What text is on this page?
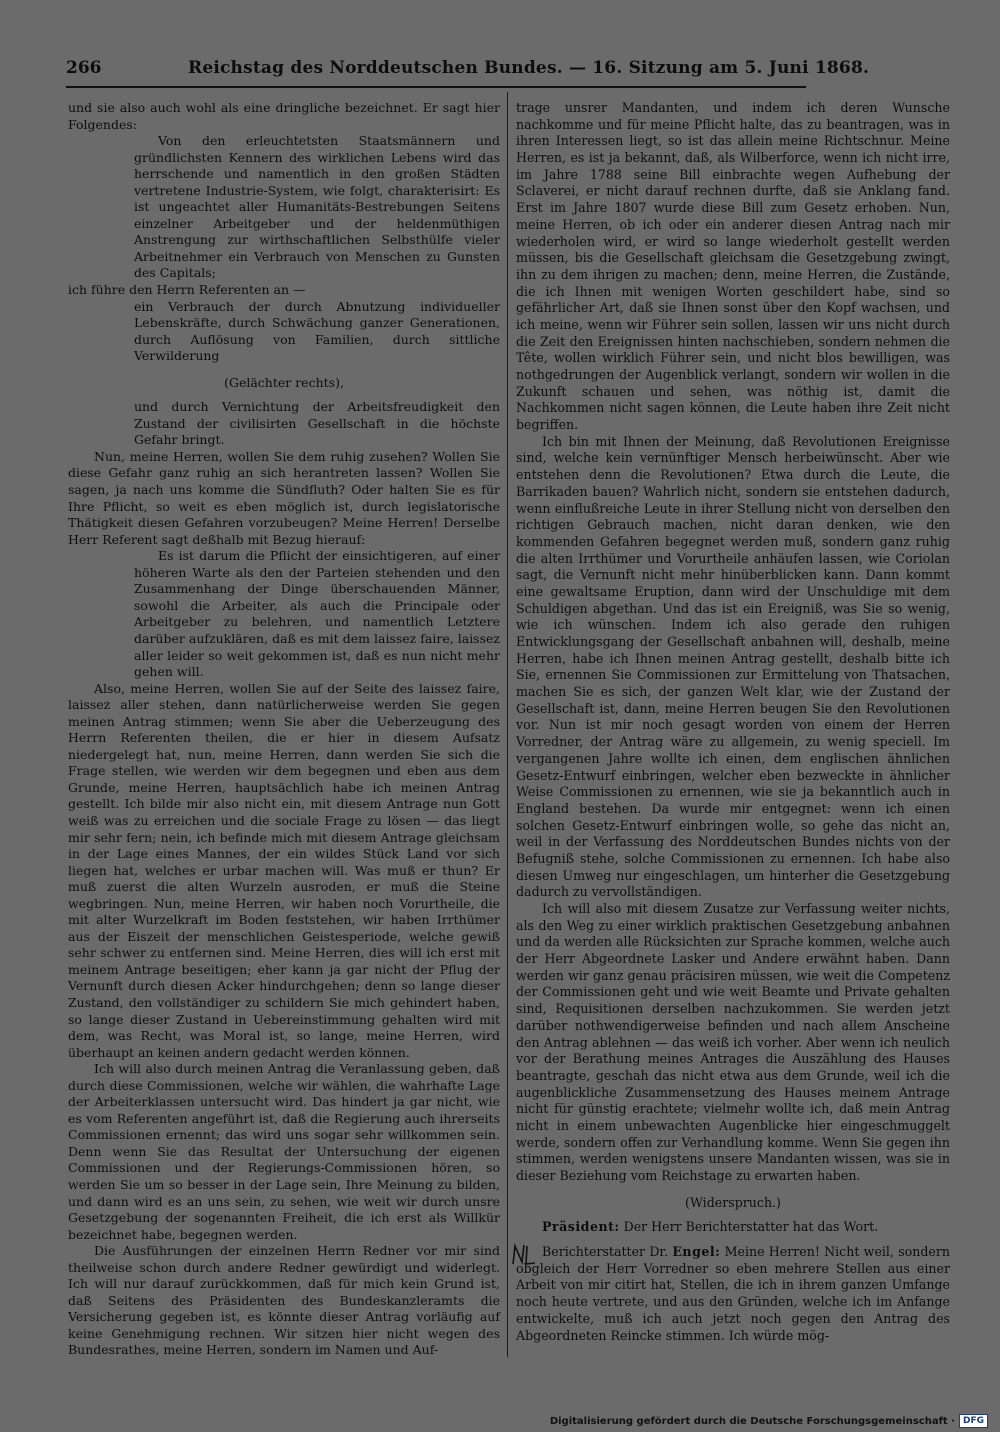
266	Reichstag des Norddeutschen Bundes. — 16. Sitzung am 5. Juni 1868.

und sie also auch wohl als eine dringliche bezeichnet. Er sagt hier Folgendes:

Von den erleuchtetsten Staatsmännern und gründlichsten Kennern des wirklichen Lebens wird das herrschende und namentlich in den großen Städten vertretene Industrie-System, wie folgt, charakterisirt: Es ist ungeachtet aller Humanitäts-Bestrebungen Seitens einzelner Arbeitgeber und der heldenmüthigen Anstrengung zur wirthschaftlichen Selbsthülfe vieler Arbeitnehmer ein Verbrauch von Menschen zu Gunsten des Capitals;

ich führe den Herrn Referenten an —

ein Verbrauch der durch Abnutzung individueller Lebenskräfte, durch Schwächung ganzer Generationen, durch Auflösung von Familien, durch sittliche Verwilderung

(Gelächter rechts),

und durch Vernichtung der Arbeitsfreudigkeit den Zustand der civilisirten Gesellschaft in die höchste Gefahr bringt.

Nun, meine Herren, wollen Sie dem ruhig zusehen? Wollen Sie diese Gefahr ganz ruhig an sich herantreten lassen? Wollen Sie sagen, ja nach uns komme die Sündfluth? Oder halten Sie es für Ihre Pflicht, so weit es eben möglich ist, durch legislatorische Thätigkeit diesen Gefahren vorzubeugen? Meine Herren! Derselbe Herr Referent sagt deßhalb mit Bezug hierauf:

Es ist darum die Pflicht der einsichtigeren, auf einer höheren Warte als den der Parteien stehenden und den Zusammenhang der Dinge überschauenden Männer, sowohl die Arbeiter, als auch die Principale oder Arbeitgeber zu belehren, und namentlich Letztere darüber aufzuklären, daß es mit dem laissez faire, laissez aller leider so weit gekommen ist, daß es nun nicht mehr gehen will.

Also, meine Herren, wollen Sie auf der Seite des laissez faire, laissez aller stehen, dann natürlicherweise werden Sie gegen meinen Antrag stimmen; wenn Sie aber die Ueberzeugung des Herrn Referenten theilen, die er hier in diesem Aufsatz niedergelegt hat, nun, meine Herren, dann werden Sie sich die Frage stellen, wie werden wir dem begegnen und eben aus dem Grunde, meine Herren, hauptsächlich habe ich meinen Antrag gestellt. Ich bilde mir also nicht ein, mit diesem Antrage nun Gott weiß was zu erreichen und die sociale Frage zu lösen — das liegt mir sehr fern; nein, ich befinde mich mit diesem Antrage gleichsam in der Lage eines Mannes, der ein wildes Stück Land vor sich liegen hat, welches er urbar machen will. Was muß er thun? Er muß zuerst die alten Wurzeln ausroden, er muß die Steine wegbringen. Nun, meine Herren, wir haben noch Vorurtheile, die mit alter Wurzelkraft im Boden feststehen, wir haben Irrthümer aus der Eiszeit der menschlichen Geistesperiode, welche gewiß sehr schwer zu entfernen sind. Meine Herren, dies will ich erst mit meinem Antrage beseitigen; eher kann ja gar nicht der Pflug der Vernunft durch diesen Acker hindurchgehen; denn so lange dieser Zustand, den vollständiger zu schildern Sie mich gehindert haben, so lange dieser Zustand in Uebereinstimmung gehalten wird mit dem, was Recht, was Moral ist, so lange, meine Herren, wird überhaupt an keinen andern gedacht werden können.

Ich will also durch meinen Antrag die Veranlassung geben, daß durch diese Commissionen, welche wir wählen, die wahrhafte Lage der Arbeiterklassen untersucht wird. Das hindert ja gar nicht, wie es vom Referenten angeführt ist, daß die Regierung auch ihrerseits Commissionen ernennt; das wird uns sogar sehr willkommen sein. Denn wenn Sie das Resultat der Untersuchung der eigenen Commissionen und der Regierungs-Commissionen hören, so werden Sie um so besser in der Lage sein, Ihre Meinung zu bilden, und dann wird es an uns sein, zu sehen, wie weit wir durch unsre Gesetzgebung der sogenannten Freiheit, die ich erst als Willkür bezeichnet habe, begegnen werden.

Die Ausführungen der einzelnen Herrn Redner vor mir sind theilweise schon durch andere Redner gewürdigt und widerlegt. Ich will nur darauf zurückkommen, daß für mich kein Grund ist, daß Seitens des Präsidenten des Bundeskanzleramts die Versicherung gegeben ist, es könnte dieser Antrag vorläufig auf keine Genehmigung rechnen. Wir sitzen hier nicht wegen des Bundesrathes, meine Herren, sondern im Namen und Auf-

trage unsrer Mandanten, und indem ich deren Wunsche nachkomme und für meine Pflicht halte, das zu beantragen, was in ihren Interessen liegt, so ist das allein meine Richtschnur. Meine Herren, es ist ja bekannt, daß, als Wilberforce, wenn ich nicht irre, im Jahre 1788 seine Bill einbrachte wegen Aufhebung der Sclaverei, er nicht darauf rechnen durfte, daß sie Anklang fand. Erst im Jahre 1807 wurde diese Bill zum Gesetz erhoben. Nun, meine Herren, ob ich oder ein anderer diesen Antrag nach mir wiederholen wird, er wird so lange wiederholt gestellt werden müssen, bis die Gesellschaft gleichsam die Gesetzgebung zwingt, ihn zu dem ihrigen zu machen; denn, meine Herren, die Zustände, die ich Ihnen mit wenigen Worten geschildert habe, sind so gefährlicher Art, daß sie Ihnen sonst über den Kopf wachsen, und ich meine, wenn wir Führer sein sollen, lassen wir uns nicht durch die Zeit den Ereignissen hinten nachschieben, sondern nehmen die Tête, wollen wirklich Führer sein, und nicht blos bewilligen, was nothgedrungen der Augenblick verlangt, sondern wir wollen in die Zukunft schauen und sehen, was nöthig ist, damit die Nachkommen nicht sagen können, die Leute haben ihre Zeit nicht begriffen.

Ich bin mit Ihnen der Meinung, daß Revolutionen Ereignisse sind, welche kein vernünftiger Mensch herbeiwünscht. Aber wie entstehen denn die Revolutionen? Etwa durch die Leute, die Barrikaden bauen? Wahrlich nicht, sondern sie entstehen dadurch, wenn einflußreiche Leute in ihrer Stellung nicht von derselben den richtigen Gebrauch machen, nicht daran denken, wie den kommenden Gefahren begegnet werden muß, sondern ganz ruhig die alten Irrthümer und Vorurtheile anhäufen lassen, wie Coriolan sagt, die Vernunft nicht mehr hinüberblicken kann. Dann kommt eine gewaltsame Eruption, dann wird der Unschuldige mit dem Schuldigen abgethan. Und das ist ein Ereigniß, was Sie so wenig, wie ich wünschen. Indem ich also gerade den ruhigen Entwicklungsgang der Gesellschaft anbahnen will, deshalb, meine Herren, habe ich Ihnen meinen Antrag gestellt, deshalb bitte ich Sie, ernennen Sie Commissionen zur Ermittelung von Thatsachen, machen Sie es sich, der ganzen Welt klar, wie der Zustand der Gesellschaft ist, dann, meine Herren beugen Sie den Revolutionen vor. Nun ist mir noch gesagt worden von einem der Herren Vorredner, der Antrag wäre zu allgemein, zu wenig speciell. Im vergangenen Jahre wollte ich einen, dem englischen ähnlichen Gesetz-Entwurf einbringen, welcher eben bezweckte in ähnlicher Weise Commissionen zu ernennen, wie sie ja bekanntlich auch in England bestehen. Da wurde mir entgegnet: wenn ich einen solchen Gesetz-Entwurf einbringen wolle, so gehe das nicht an, weil in der Verfassung des Norddeutschen Bundes nichts von der Befugniß stehe, solche Commissionen zu ernennen. Ich habe also diesen Umweg nur eingeschlagen, um hinterher die Gesetzgebung dadurch zu vervollständigen.

Ich will also mit diesem Zusatze zur Verfassung weiter nichts, als den Weg zu einer wirklich praktischen Gesetzgebung anbahnen und da werden alle Rücksichten zur Sprache kommen, welche auch der Herr Abgeordnete Lasker und Andere erwähnt haben. Dann werden wir ganz genau präcisiren müssen, wie weit die Competenz der Commissionen geht und wie weit Beamte und Private gehalten sind, Requisitionen derselben nachzukommen. Sie werden jetzt darüber nothwendigerweise befinden und nach allem Anscheine den Antrag ablehnen — das weiß ich vorher. Aber wenn ich neulich vor der Berathung meines Antrages die Auszählung des Hauses beantragte, geschah das nicht etwa aus dem Grunde, weil ich die augenblickliche Zusammensetzung des Hauses meinem Antrage nicht für günstig erachtete; vielmehr wollte ich, daß mein Antrag nicht in einem unbewachten Augenblicke hier eingeschmuggelt werde, sondern offen zur Verhandlung komme. Wenn Sie gegen ihn stimmen, werden wenigstens unsere Mandanten wissen, was sie in dieser Beziehung vom Reichstage zu erwarten haben.

(Widerspruch.)

Präsident: Der Herr Berichterstatter hat das Wort.

Berichterstatter Dr. Engel: Meine Herren! Nicht weil, sondern obgleich der Herr Vorredner so eben mehrere Stellen aus einer Arbeit von mir citirt hat, Stellen, die ich in ihrem ganzen Umfange noch heute vertrete, und aus den Gründen, welche ich im Anfange entwickelte, muß ich auch jetzt noch gegen den Antrag des Abgeordneten Reincke stimmen. Ich würde mög-

Digitalisierung gefördert durch die Deutsche Forschungsgemeinschaft · DFG
